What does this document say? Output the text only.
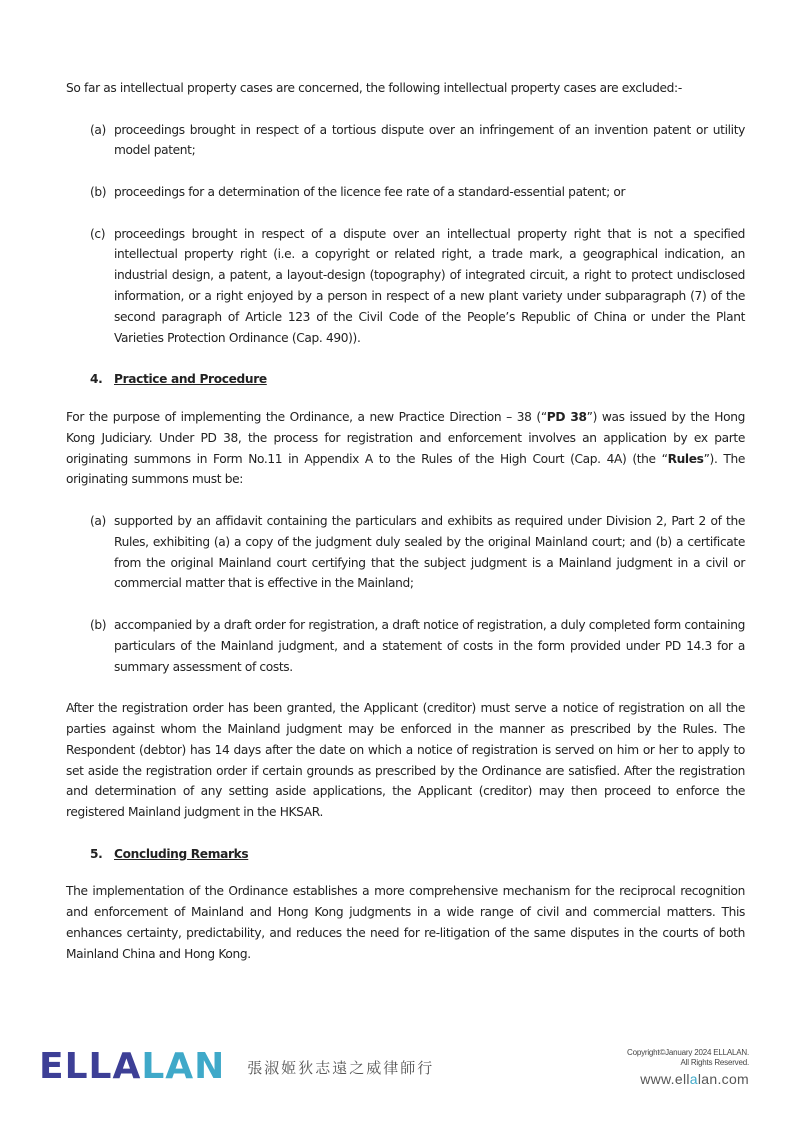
So far as intellectual property cases are concerned, the following intellectual property cases are excluded:-

(a) proceedings brought in respect of a tortious dispute over an infringement of an invention patent or utility model patent;
(b) proceedings for a determination of the licence fee rate of a standard-essential patent; or
(c) proceedings brought in respect of a dispute over an intellectual property right that is not a specified intellectual property right (i.e. a copyright or related right, a trade mark, a geographical indication, an industrial design, a patent, a layout-design (topography) of integrated circuit, a right to protect undisclosed information, or a right enjoyed by a person in respect of a new plant variety under subparagraph (7) of the second paragraph of Article 123 of the Civil Code of the People’s Republic of China or under the Plant Varieties Protection Ordinance (Cap. 490)).
4. Practice and Procedure

For the purpose of implementing the Ordinance, a new Practice Direction – 38 (“PD 38”) was issued by the Hong Kong Judiciary. Under PD 38, the process for registration and enforcement involves an application by ex parte originating summons in Form No.11 in Appendix A to the Rules of the High Court (Cap. 4A) (the “Rules”). The originating summons must be:

(a) supported by an affidavit containing the particulars and exhibits as required under Division 2, Part 2 of the Rules, exhibiting (a) a copy of the judgment duly sealed by the original Mainland court; and (b) a certificate from the original Mainland court certifying that the subject judgment is a Mainland judgment in a civil or commercial matter that is effective in the Mainland;
(b) accompanied by a draft order for registration, a draft notice of registration, a duly completed form containing particulars of the Mainland judgment, and a statement of costs in the form provided under PD 14.3 for a summary assessment of costs.

After the registration order has been granted, the Applicant (creditor) must serve a notice of registration on all the parties against whom the Mainland judgment may be enforced in the manner as prescribed by the Rules. The Respondent (debtor) has 14 days after the date on which a notice of registration is served on him or her to apply to set aside the registration order if certain grounds as prescribed by the Ordinance are satisfied. After the registration and determination of any setting aside applications, the Applicant (creditor) may then proceed to enforce the registered Mainland judgment in the HKSAR.

5. Concluding Remarks

The implementation of the Ordinance establishes a more comprehensive mechanism for the reciprocal recognition and enforcement of Mainland and Hong Kong judgments in a wide range of civil and commercial matters. This enhances certainty, predictability, and reduces the need for re-litigation of the same disputes in the courts of both Mainland China and Hong Kong.

ELLALAN 張淑姬狄志遠之威律師行
Copyright©January 2024 ELLALAN.
All Rights Reserved.
www.ellalan.com
